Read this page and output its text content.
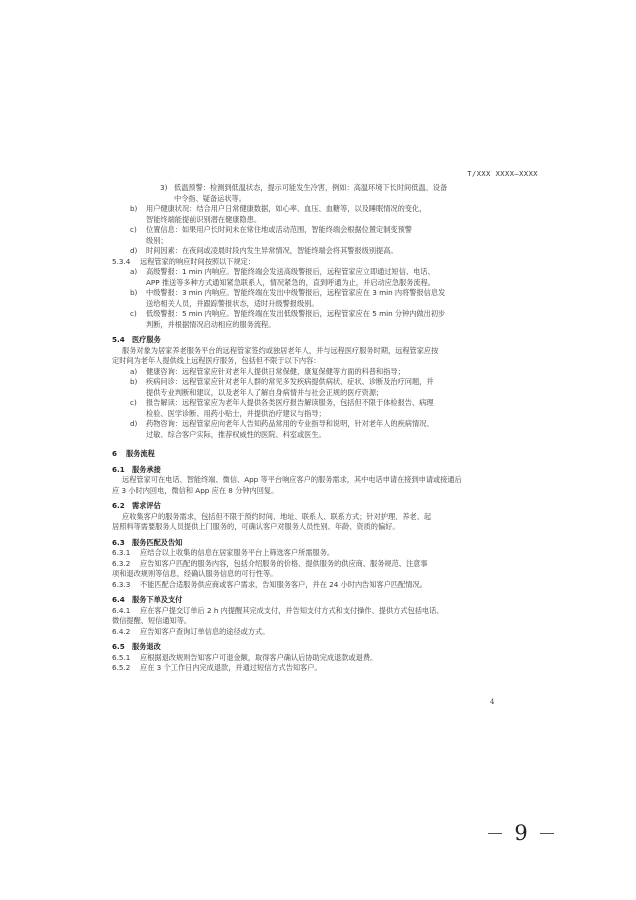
T/XXX XXXX—XXXX
3) 低温预警：检测到低温状态，提示可能发生冷害，例如：高温环境下长时间低温、设备
中令指、疑备运状等。
b) 用户健康状况：结合用户日常健康数据，如心率、血压、血糖等，以及睡眠情况的变化，
智能终端能提前识别潜在健康隐患。
c) 位置信息：如果用户长时间未在常住地或活动范围，智能终端会根据位置定制变预警
级别；
d) 时间因素：在夜间或凌晨时段内发生异常情况，智能终端会将其警报级别提高。
5.3.4 远程管家的响应时间按照以下规定：
a) 高级警报：1 min 内响应。智能终端会发送高级警报后，远程管家应立即通过短信、电话、
APP 推送等多种方式通知紧急联系人，情况紧急的，直到呼通为止，并启动应急服务流程。
b) 中级警报：3 min 内响应。智能终端在发出中级警报后，远程管家应在 3 min 内将警报信息发
送给相关人员，并跟踪警报状态，适时升级警报级别。
c) 低级警报：5 min 内响应。智能终端在发出低级警报后，远程管家应在 5 min 分钟内做出初步
判断，并根据情况启动相应的服务流程。
5.4 医疗服务
服务对象为居家养老服务平台的远程管家签约或独居老年人，并与远程医疗服务时期，远程管家应按
定时间为老年人提供线上远程医疗服务，包括但不限于以下内容：
a) 健康咨询：远程管家应针对老年人提供日常保健、康复保健等方面的科普和指导；
b) 疾病问诊：远程管家应针对老年人群的常见多发疾病提供病状、症状、诊断及治疗问题，并
提供专业判断和建议，以及老年人了解自身病情并与社会正规的医疗资源；
c) 报告解读：远程管家应为老年人提供各类医疗报告解读服务，包括但不限于体检报告、病理
检验、医学诊断、用药小贴士，并提供治疗建议与指导；
d) 药物咨询：远程管家应向老年人告知药品常用的专业指导和说明，针对老年人的疾病情况、
过敏、综合客户实际，推荐权威性的医院、科室或医生。
6 服务流程
6.1 服务承接
远程管家可在电话、智能终端、微信、App 等平台响应客户的服务需求，其中电话申请在接到申请或接通后
应 3 小时内回电，微信和 App 应在 8 分钟内回复。
6.2 需求评估
应收集客户的服务需求，包括但不限于预约时间、地址、联系人、联系方式；针对护理、养老、起
居照料等需要服务人员提供上门服务的，可确认客户对服务人员性别、年龄、资质的偏好。
6.3 服务匹配及告知
6.3.1 应结合以上收集的信息在居家服务平台上筛选客户所需服务。
6.3.2 应告知客户匹配的服务内容，包括介绍服务的价格、提供服务的供应商、服务规范、注意事
项和退改规则等信息，经确认服务信息的可行性等。
6.3.3 不能匹配合适服务供应商或客户需求，告知服务客户，并在 24 小时内告知客户匹配情况。
6.4 服务下单及支付
6.4.1 应在客户提交订单后 2 h 内提醒其完成支付，并告知支付方式和支付操作、提供方式包括电话、
微信提醒、短信通知等。
6.4.2 应告知客户查询订单信息的途径或方式。
6.5 服务退改
6.5.1 应根据退改规则告知客户可退金额，取得客户确认后协助完成退款或退费。
6.5.2 应在 3 个工作日内完成退款，并通过短信方式告知客户。
4
9
